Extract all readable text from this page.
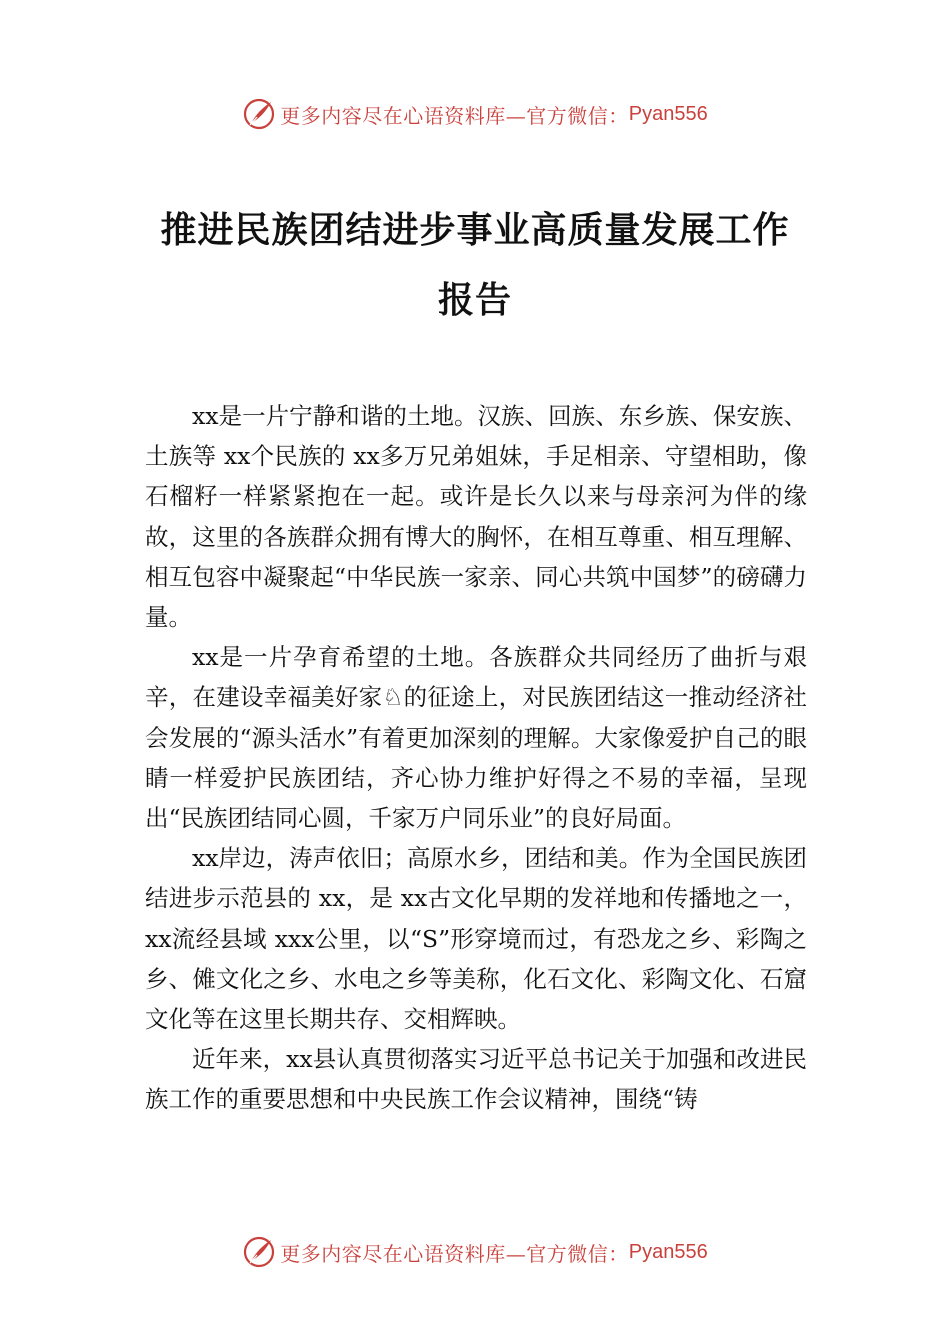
更多内容尽在心语资料库—官方微信： Pyan556
推进民族团结进步事业高质量发展工作报告

xx是一片宁静和谐的土地。汉族、回族、东乡族、保安族、土族等 xx个民族的 xx多万兄弟姐妹，手足相亲、守望相助，像石榴籽一样紧紧抱在一起。或许是长久以来与母亲河为伴的缘故，这里的各族群众拥有博大的胸怀，在相互尊重、相互理解、相互包容中凝聚起“中华民族一家亲、同心共筑中国梦”的磅礴力量。

xx是一片孕育希望的土地。各族群众共同经历了曲折与艰辛，在建设幸福美好家♘的征途上，对民族团结这一推动经济社会发展的“源头活水”有着更加深刻的理解。大家像爱护自己的眼睛一样爱护民族团结，齐心协力维护好得之不易的幸福，呈现出“民族团结同心圆，千家万户同乐业”的良好局面。

xx岸边，涛声依旧；高原水乡，团结和美。作为全国民族团结进步示范县的 xx，是 xx古文化早期的发祥地和传播地之一，xx流经县域 xxx公里，以“S”形穿境而过，有恐龙之乡、彩陶之乡、傩文化之乡、水电之乡等美称，化石文化、彩陶文化、石窟文化等在这里长期共存、交相辉映。

近年来，xx县认真贯彻落实习近平总书记关于加强和改进民族工作的重要思想和中央民族工作会议精神，围绕“铸

更多内容尽在心语资料库—官方微信： Pyan556
